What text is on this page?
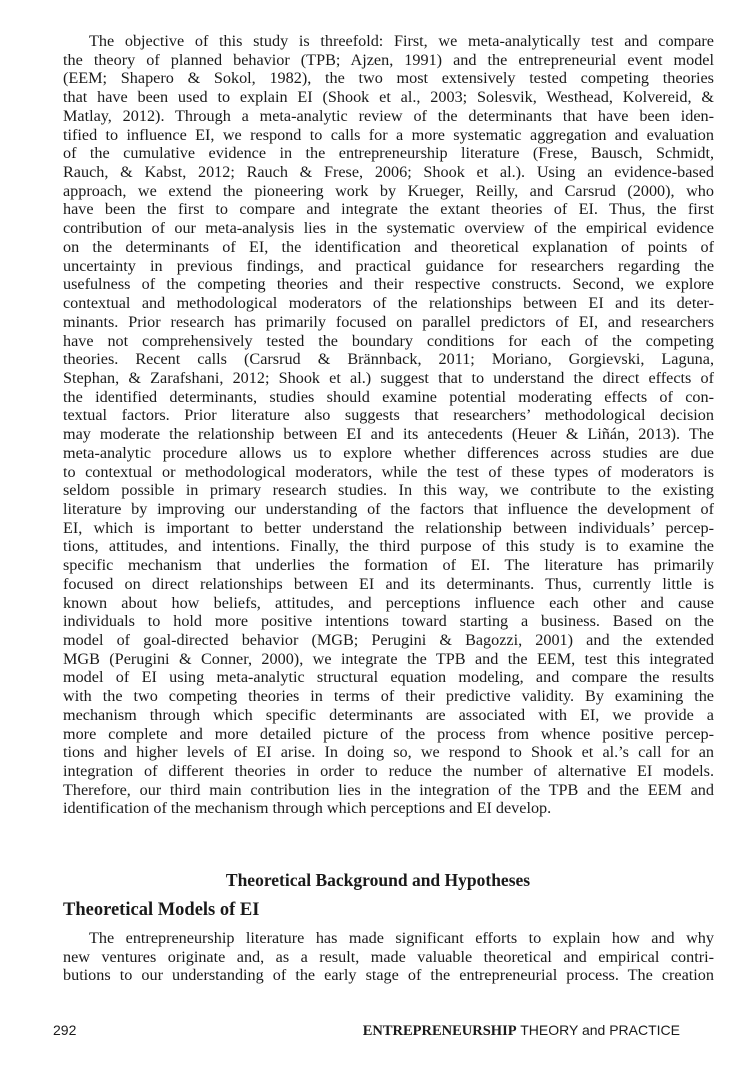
The objective of this study is threefold: First, we meta-analytically test and compare
the theory of planned behavior (TPB; Ajzen, 1991) and the entrepreneurial event model
(EEM; Shapero & Sokol, 1982), the two most extensively tested competing theories
that have been used to explain EI (Shook et al., 2003; Solesvik, Westhead, Kolvereid, &
Matlay, 2012). Through a meta-analytic review of the determinants that have been iden-
tified to influence EI, we respond to calls for a more systematic aggregation and evaluation
of the cumulative evidence in the entrepreneurship literature (Frese, Bausch, Schmidt,
Rauch, & Kabst, 2012; Rauch & Frese, 2006; Shook et al.). Using an evidence-based
approach, we extend the pioneering work by Krueger, Reilly, and Carsrud (2000), who
have been the first to compare and integrate the extant theories of EI. Thus, the first
contribution of our meta-analysis lies in the systematic overview of the empirical evidence
on the determinants of EI, the identification and theoretical explanation of points of
uncertainty in previous findings, and practical guidance for researchers regarding the
usefulness of the competing theories and their respective constructs. Second, we explore
contextual and methodological moderators of the relationships between EI and its deter-
minants. Prior research has primarily focused on parallel predictors of EI, and researchers
have not comprehensively tested the boundary conditions for each of the competing
theories. Recent calls (Carsrud & Brännback, 2011; Moriano, Gorgievski, Laguna,
Stephan, & Zarafshani, 2012; Shook et al.) suggest that to understand the direct effects of
the identified determinants, studies should examine potential moderating effects of con-
textual factors. Prior literature also suggests that researchers’ methodological decision
may moderate the relationship between EI and its antecedents (Heuer & Liñán, 2013). The
meta-analytic procedure allows us to explore whether differences across studies are due
to contextual or methodological moderators, while the test of these types of moderators is
seldom possible in primary research studies. In this way, we contribute to the existing
literature by improving our understanding of the factors that influence the development of
EI, which is important to better understand the relationship between individuals’ percep-
tions, attitudes, and intentions. Finally, the third purpose of this study is to examine the
specific mechanism that underlies the formation of EI. The literature has primarily
focused on direct relationships between EI and its determinants. Thus, currently little is
known about how beliefs, attitudes, and perceptions influence each other and cause
individuals to hold more positive intentions toward starting a business. Based on the
model of goal-directed behavior (MGB; Perugini & Bagozzi, 2001) and the extended
MGB (Perugini & Conner, 2000), we integrate the TPB and the EEM, test this integrated
model of EI using meta-analytic structural equation modeling, and compare the results
with the two competing theories in terms of their predictive validity. By examining the
mechanism through which specific determinants are associated with EI, we provide a
more complete and more detailed picture of the process from whence positive percep-
tions and higher levels of EI arise. In doing so, we respond to Shook et al.’s call for an
integration of different theories in order to reduce the number of alternative EI models.
Therefore, our third main contribution lies in the integration of the TPB and the EEM and
identification of the mechanism through which perceptions and EI develop.
Theoretical Background and Hypotheses
Theoretical Models of EI
The entrepreneurship literature has made significant efforts to explain how and why
new ventures originate and, as a result, made valuable theoretical and empirical contri-
butions to our understanding of the early stage of the entrepreneurial process. The creation
292	ENTREPRENEURSHIP THEORY and PRACTICE
